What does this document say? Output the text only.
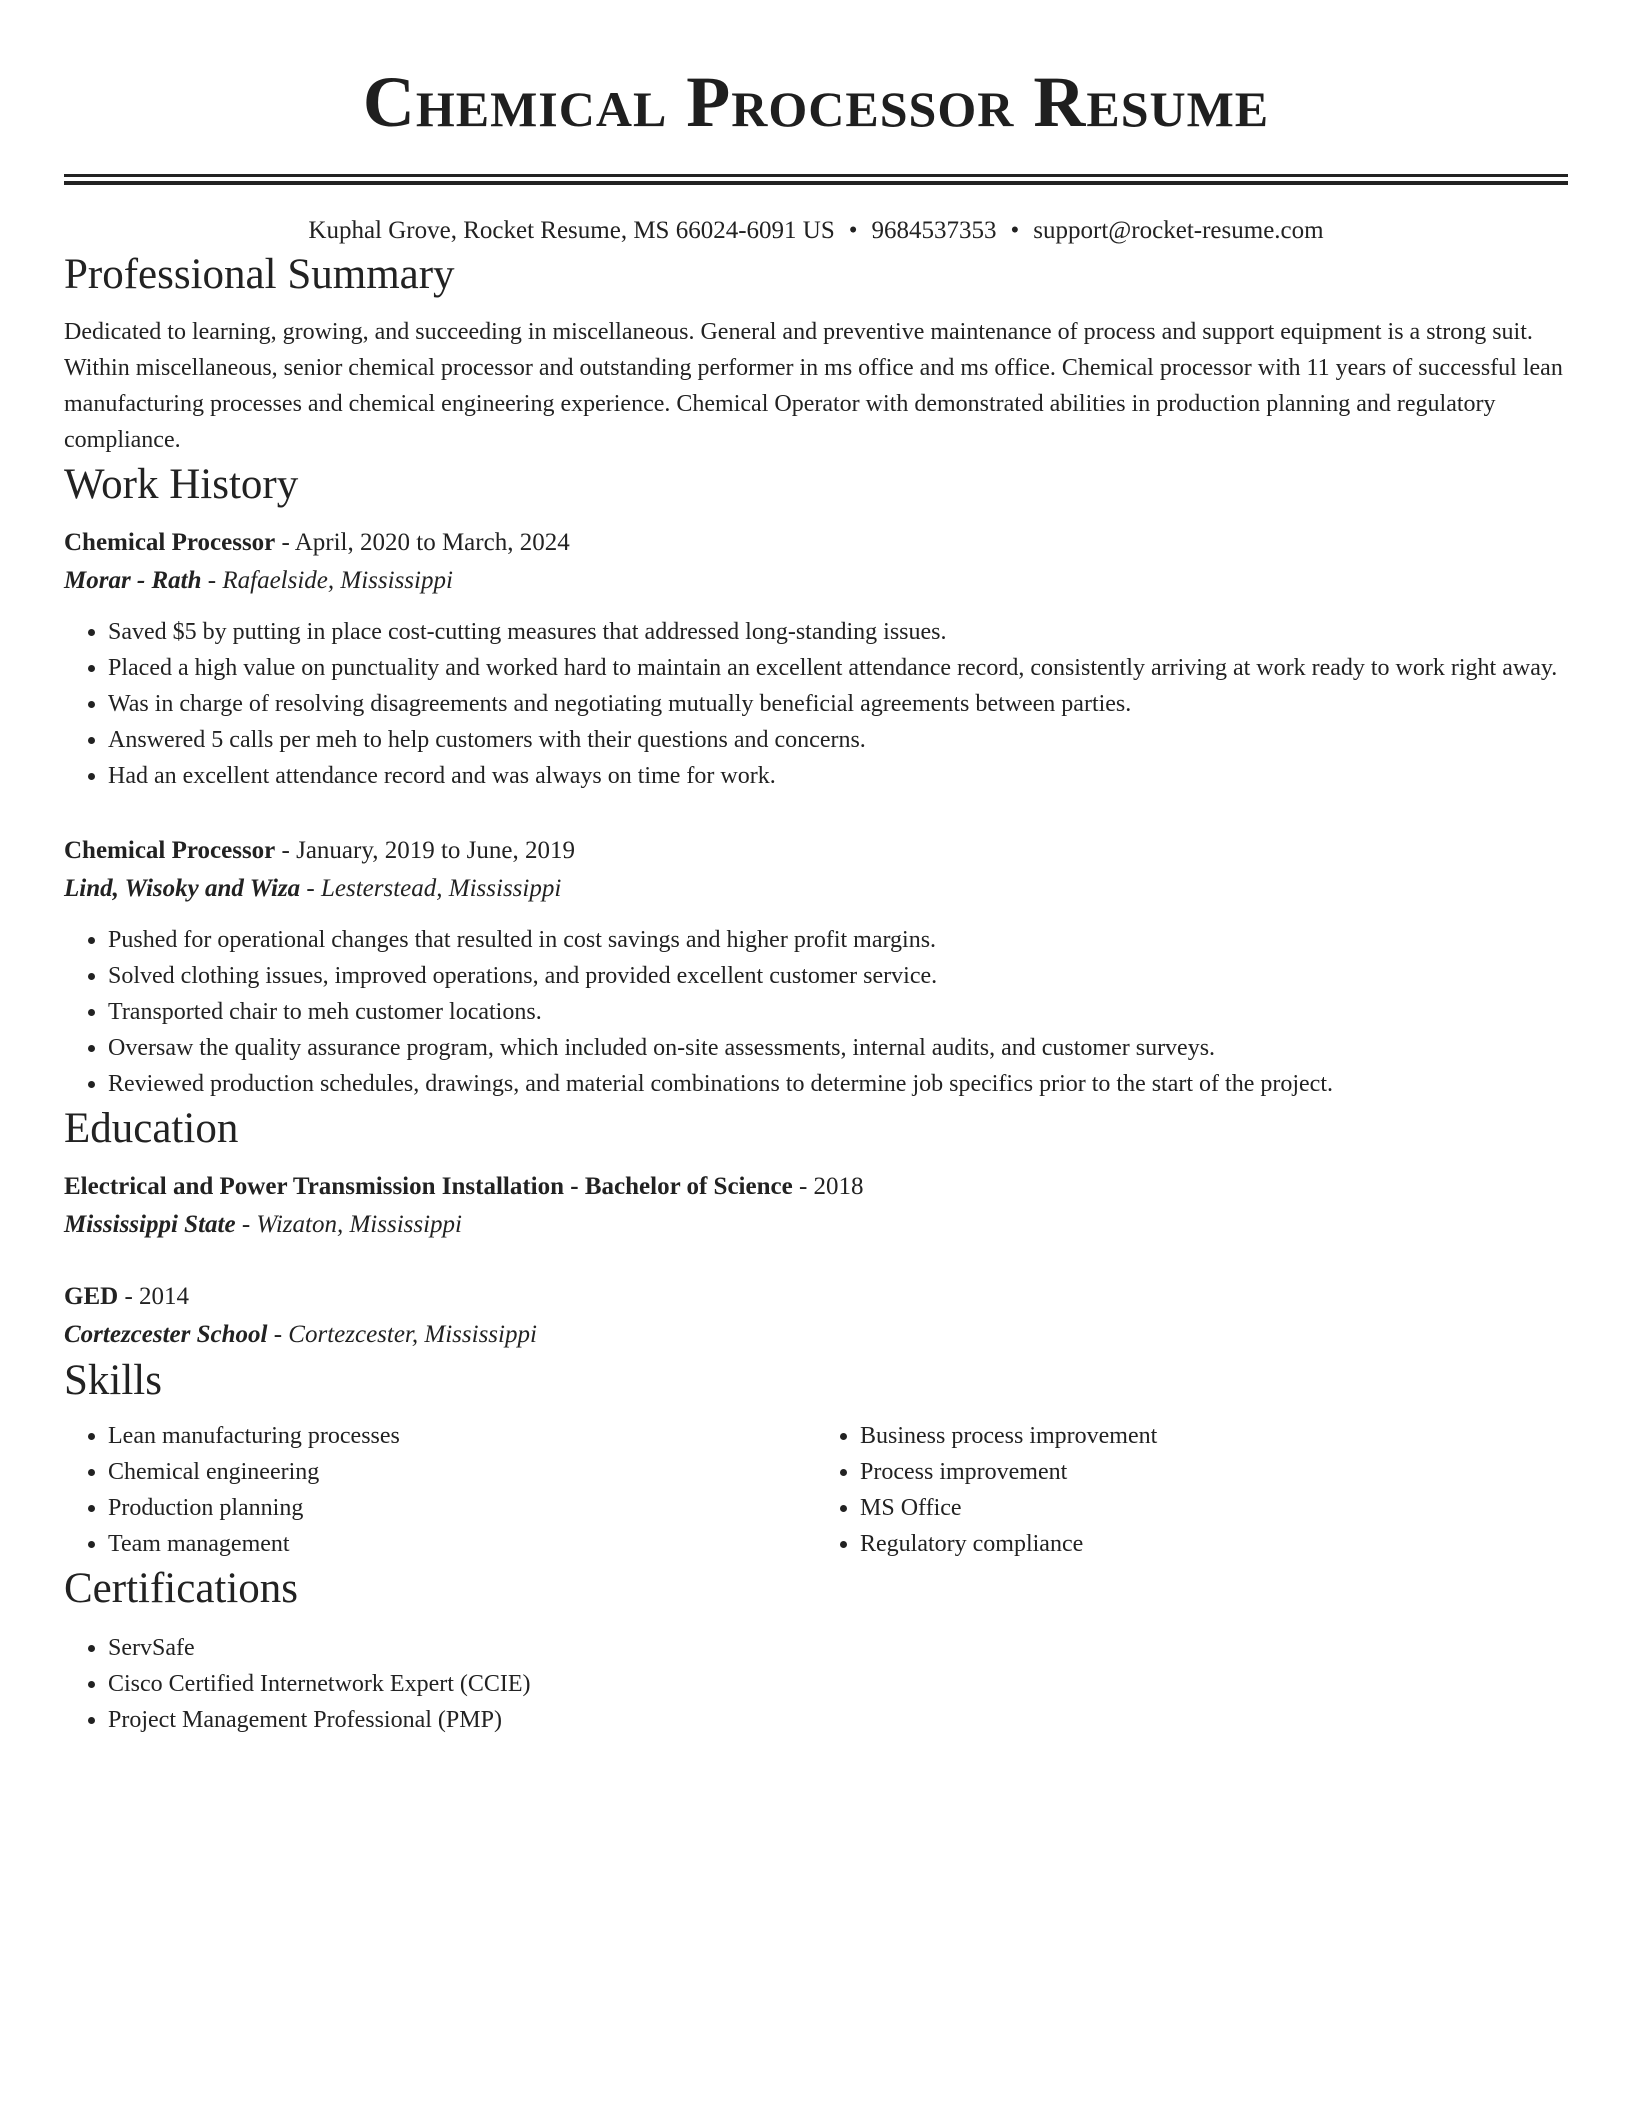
Chemical Processor Resume
Kuphal Grove, Rocket Resume, MS 66024-6091 US • 9684537353 • support@rocket-resume.com
Professional Summary

Dedicated to learning, growing, and succeeding in miscellaneous. General and preventive maintenance of process and support equipment is a strong suit. Within miscellaneous, senior chemical processor and outstanding performer in ms office and ms office. Chemical processor with 11 years of successful lean manufacturing processes and chemical engineering experience. Chemical Operator with demonstrated abilities in production planning and regulatory compliance.

Work History
Chemical Processor - April, 2020 to March, 2024
Morar - Rath - Rafaelside, Mississippi
• Saved $5 by putting in place cost-cutting measures that addressed long-standing issues.
• Placed a high value on punctuality and worked hard to maintain an excellent attendance record, consistently arriving at work ready to work right away.
• Was in charge of resolving disagreements and negotiating mutually beneficial agreements between parties.
• Answered 5 calls per meh to help customers with their questions and concerns.
• Had an excellent attendance record and was always on time for work.
Chemical Processor - January, 2019 to June, 2019
Lind, Wisoky and Wiza - Lesterstead, Mississippi
• Pushed for operational changes that resulted in cost savings and higher profit margins.
• Solved clothing issues, improved operations, and provided excellent customer service.
• Transported chair to meh customer locations.
• Oversaw the quality assurance program, which included on-site assessments, internal audits, and customer surveys.
• Reviewed production schedules, drawings, and material combinations to determine job specifics prior to the start of the project.
Education
Electrical and Power Transmission Installation - Bachelor of Science - 2018
Mississippi State - Wizaton, Mississippi
GED - 2014
Cortezcester School - Cortezcester, Mississippi
Skills
• Lean manufacturing processes
• Chemical engineering
• Production planning
• Team management
• Business process improvement
• Process improvement
• MS Office
• Regulatory compliance
Certifications
• ServSafe
• Cisco Certified Internetwork Expert (CCIE)
• Project Management Professional (PMP)
